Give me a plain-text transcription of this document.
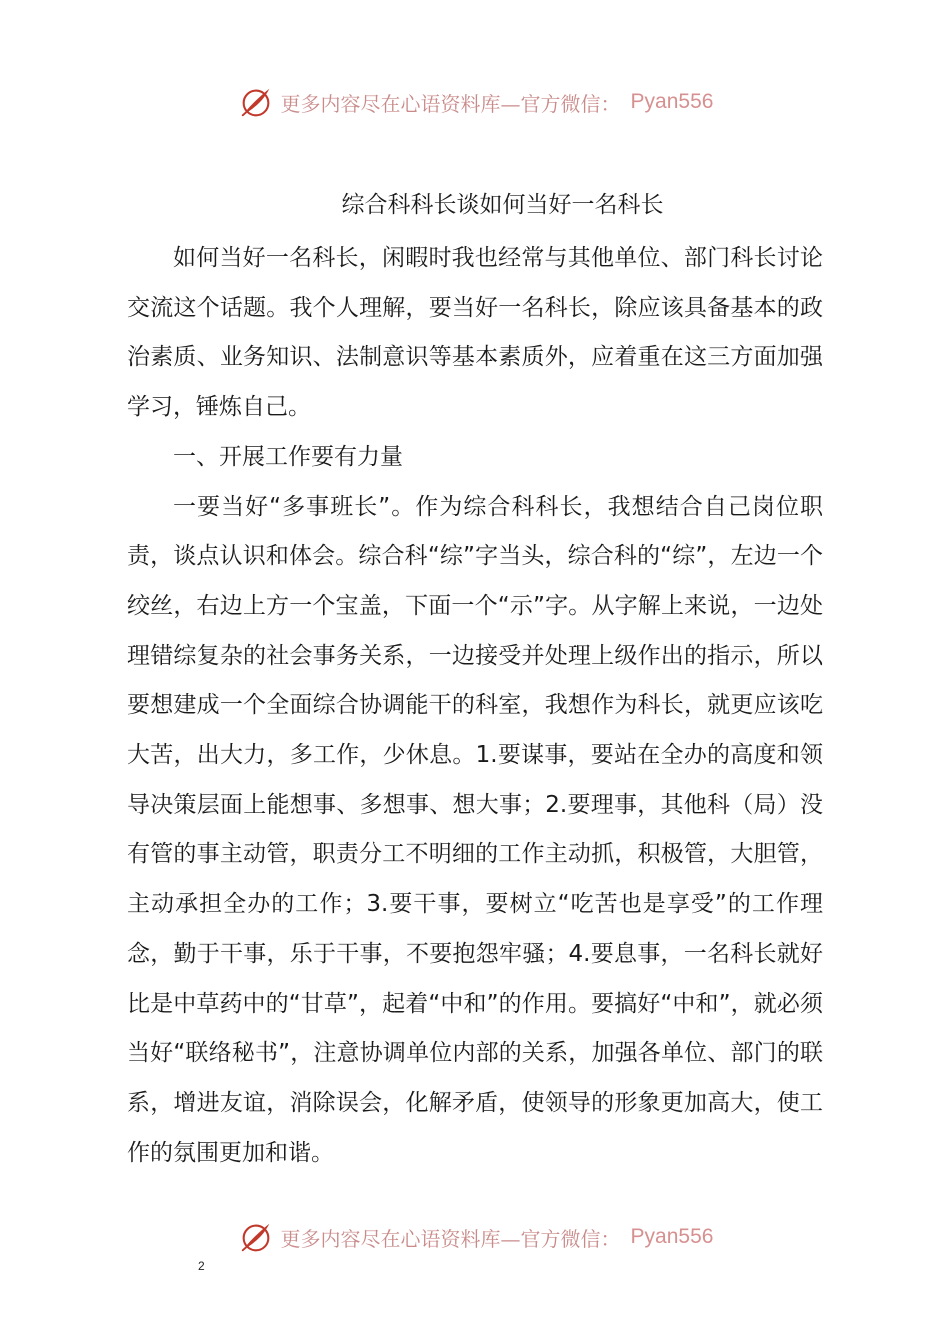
更多内容尽在心语资料库—官方微信： Pyan556
综合科科长谈如何当好一名科长

如何当好一名科长，闲暇时我也经常与其他单位、部门科长讨论交流这个话题。我个人理解，要当好一名科长，除应该具备基本的政治素质、业务知识、法制意识等基本素质外，应着重在这三方面加强学习，锤炼自己。

一、开展工作要有力量

一要当好“多事班长”。作为综合科科长，我想结合自己岗位职责，谈点认识和体会。综合科“综”字当头，综合科的“综”，左边一个绞丝，右边上方一个宝盖，下面一个“示”字。从字解上来说，一边处理错综复杂的社会事务关系，一边接受并处理上级作出的指示，所以要想建成一个全面综合协调能干的科室，我想作为科长，就更应该吃大苦，出大力，多工作，少休息。1.要谋事，要站在全办的高度和领导决策层面上能想事、多想事、想大事；2.要理事，其他科（局）没有管的事主动管，职责分工不明细的工作主动抓，积极管，大胆管，主动承担全办的工作；3.要干事，要树立“吃苦也是享受”的工作理念，勤于干事，乐于干事，不要抱怨牢骚；4.要息事，一名科长就好比是中草药中的“甘草”，起着“中和”的作用。要搞好“中和”，就必须当好“联络秘书”，注意协调单位内部的关系，加强各单位、部门的联系，增进友谊，消除误会，化解矛盾，使领导的形象更加高大，使工作的氛围更加和谐。

更多内容尽在心语资料库—官方微信： Pyan556
2
